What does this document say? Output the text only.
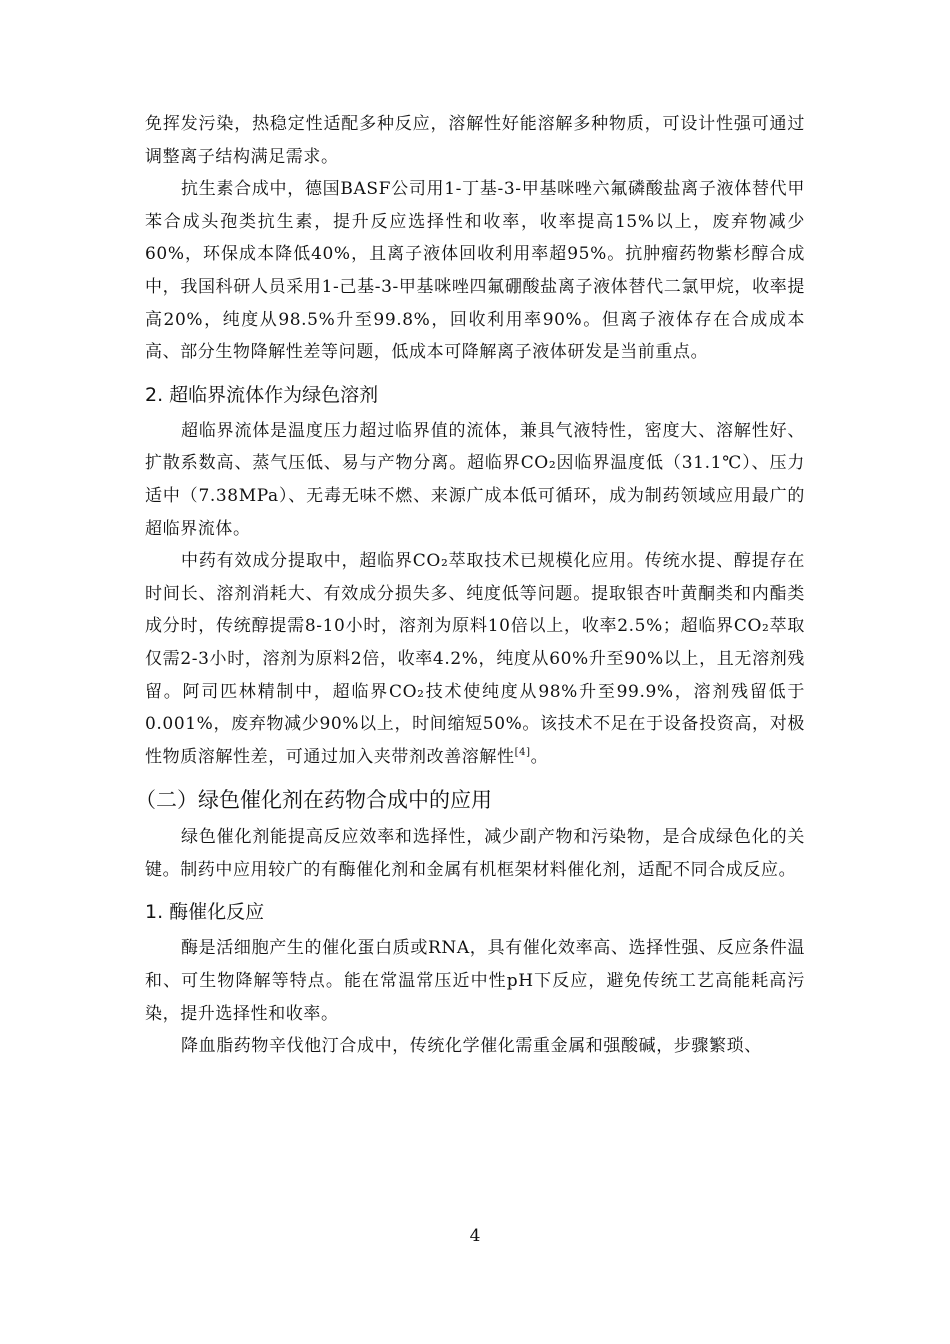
免挥发污染，热稳定性适配多种反应，溶解性好能溶解多种物质，可设计性强可通过调整离子结构满足需求。

抗生素合成中，德国BASF公司用1-丁基-3-甲基咪唑六氟磷酸盐离子液体替代甲苯合成头孢类抗生素，提升反应选择性和收率，收率提高15%以上，废弃物减少60%，环保成本降低40%，且离子液体回收利用率超95%。抗肿瘤药物紫杉醇合成中，我国科研人员采用1-己基-3-甲基咪唑四氟硼酸盐离子液体替代二氯甲烷，收率提高20%，纯度从98.5%升至99.8%，回收利用率90%。但离子液体存在合成成本高、部分生物降解性差等问题，低成本可降解离子液体研发是当前重点。

2. 超临界流体作为绿色溶剂

超临界流体是温度压力超过临界值的流体，兼具气液特性，密度大、溶解性好、扩散系数高、蒸气压低、易与产物分离。超临界CO₂因临界温度低（31.1℃）、压力适中（7.38MPa）、无毒无味不燃、来源广成本低可循环，成为制药领域应用最广的超临界流体。

中药有效成分提取中，超临界CO₂萃取技术已规模化应用。传统水提、醇提存在时间长、溶剂消耗大、有效成分损失多、纯度低等问题。提取银杏叶黄酮类和内酯类成分时，传统醇提需8-10小时，溶剂为原料10倍以上，收率2.5%；超临界CO₂萃取仅需2-3小时，溶剂为原料2倍，收率4.2%，纯度从60%升至90%以上，且无溶剂残留。阿司匹林精制中，超临界CO₂技术使纯度从98%升至99.9%，溶剂残留低于0.001%，废弃物减少90%以上，时间缩短50%。该技术不足在于设备投资高，对极性物质溶解性差，可通过加入夹带剂改善溶解性[4]。

（二）绿色催化剂在药物合成中的应用

绿色催化剂能提高反应效率和选择性，减少副产物和污染物，是合成绿色化的关键。制药中应用较广的有酶催化剂和金属有机框架材料催化剂，适配不同合成反应。

1. 酶催化反应

酶是活细胞产生的催化蛋白质或RNA，具有催化效率高、选择性强、反应条件温和、可生物降解等特点。能在常温常压近中性pH下反应，避免传统工艺高能耗高污染，提升选择性和收率。

降血脂药物辛伐他汀合成中，传统化学催化需重金属和强酸碱，步骤繁琐、

4
